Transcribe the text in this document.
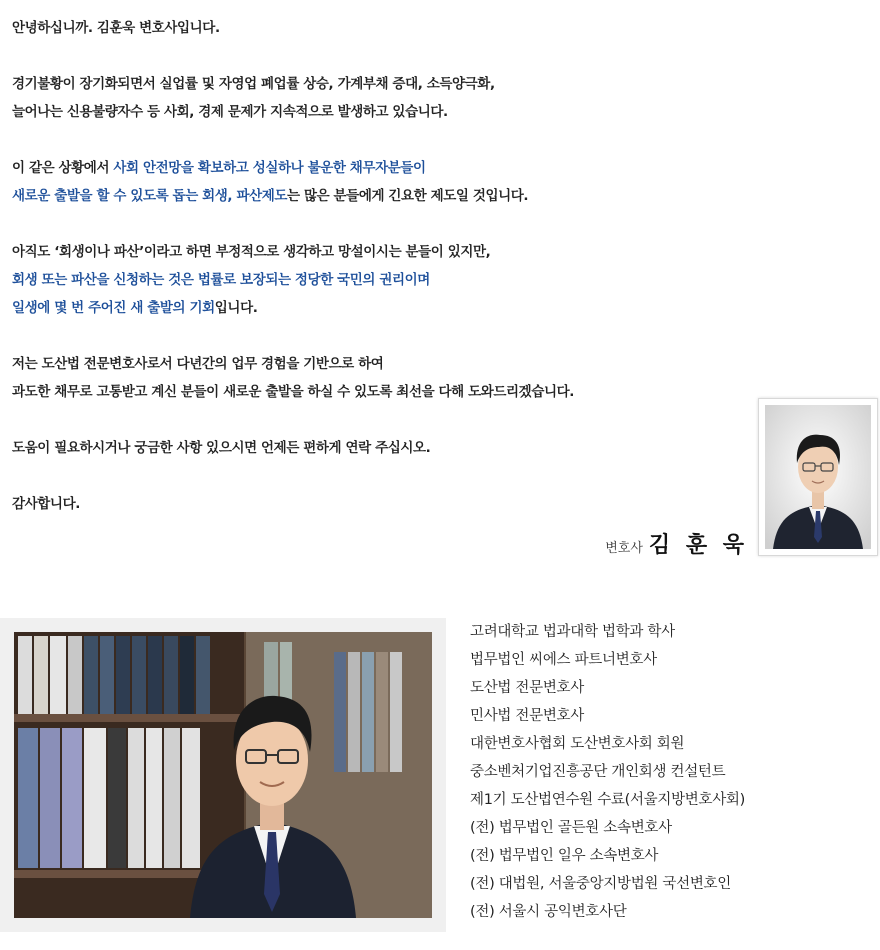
안녕하십니까. 김훈욱 변호사입니다.

경기불황이 장기화되면서 실업률 및 자영업 폐업률 상승, 가계부채 증대, 소득양극화,

늘어나는 신용불량자수 등 사회, 경제 문제가 지속적으로 발생하고 있습니다.

이 같은 상황에서 사회 안전망을 확보하고 성실하나 불운한 채무자분들이

새로운 출발을 할 수 있도록 돕는 회생, 파산제도는 많은 분들에게 긴요한 제도일 것입니다.

아직도 ‘회생이나 파산’이라고 하면 부정적으로 생각하고 망설이시는 분들이 있지만,

회생 또는 파산을 신청하는 것은 법률로 보장되는 정당한 국민의 권리이며

일생에 몇 번 주어진 새 출발의 기회입니다.

저는 도산법 전문변호사로서 다년간의 업무 경험을 기반으로 하여

과도한 채무로 고통받고 계신 분들이 새로운 출발을 하실 수 있도록 최선을 다해 도와드리겠습니다.

도움이 필요하시거나 궁금한 사항 있으시면 언제든 편하게 연락 주십시오.

감사합니다.

변호사 김 훈 욱
고려대학교 법과대학 법학과 학사
법무법인 씨에스 파트너변호사
도산법 전문변호사
민사법 전문변호사
대한변호사협회 도산변호사회 회원
중소벤처기업진흥공단 개인회생 컨설턴트
제1기 도산법연수원 수료(서울지방변호사회)
(전) 법무법인 골든원 소속변호사
(전) 법무법인 일우 소속변호사
(전) 대법원, 서울중앙지방법원 국선변호인
(전) 서울시 공익변호사단
